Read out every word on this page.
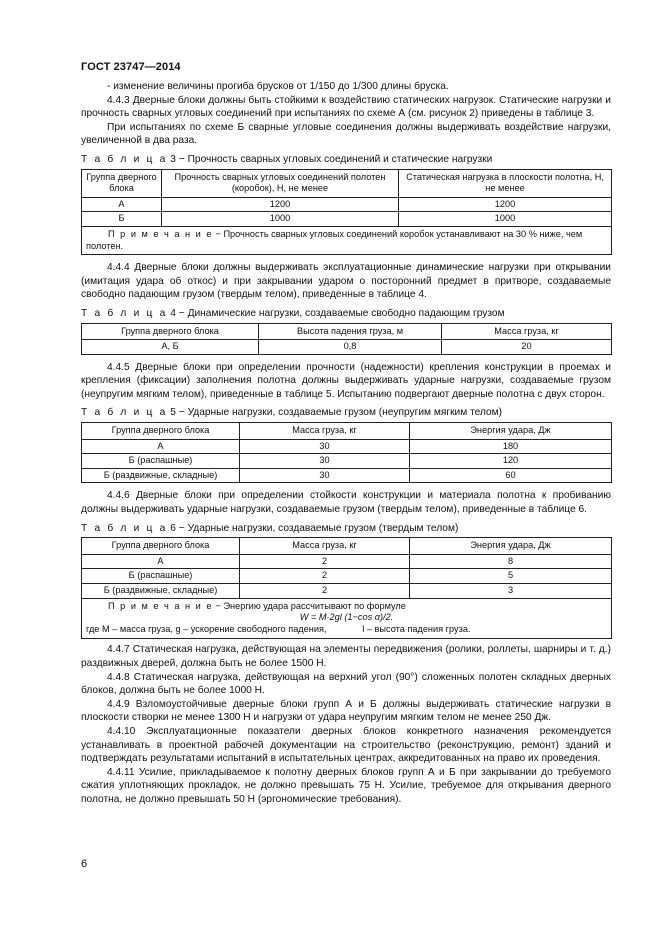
ГОСТ 23747—2014

- изменение величины прогиба брусков от 1/150 до 1/300 длины бруска.

4.4.3 Дверные блоки должны быть стойкими к воздействию статических нагрузок. Статические нагрузки и прочность сварных угловых соединений при испытаниях по схеме А (см. рисунок 2) приведены в таблице 3.

При испытаниях по схеме Б сварные угловые соединения должны выдерживать воздействие нагрузки, увеличенной в два раза.

Т а б л и ц а 3 − Прочность сварных угловых соединений и статические нагрузки
Группа дверного блока	Прочность сварных угловых соединений полотен (коробок), Н, не менее	Статическая нагрузка в плоскости полотна, Н, не менее
А	1200	1200
Б	1000	1000
П р и м е ч а н и е − Прочность сварных угловых соединений коробок устанавливают на 30 % ниже, чем полотен.		

4.4.4 Дверные блоки должны выдерживать эксплуатационные динамические нагрузки при открывании (имитация удара об откос) и при закрывании ударом о посторонний предмет в притворе, создаваемые свободно падающим грузом (твердым телом), приведенные в таблице 4.

Т а б л и ц а 4 − Динамические нагрузки, создаваемые свободно падающим грузом
Группа дверного блока	Высота падения груза, м	Масса груза, кг
А, Б	0,8	20

4.4.5 Дверные блоки при определении прочности (надежности) крепления конструкции в проемах и крепления (фиксации) заполнения полотна должны выдерживать ударные нагрузки, создаваемые грузом (неупругим мягким телом), приведенные в таблице 5. Испытанию подвергают дверные полотна с двух сторон.

Т а б л и ц а 5 − Ударные нагрузки, создаваемые грузом (неупругим мягким телом)
Группа дверного блока	Масса груза, кг	Энергия удара, Дж
А	30	180
Б (распашные)	30	120
Б (раздвижные, складные)	30	60

4.4.6 Дверные блоки при определении стойкости конструкции и материала полотна к пробиванию должны выдерживать ударные нагрузки, создаваемые грузом (твердым телом), приведенные в таблице 6.

Т а б л и ц а 6 − Ударные нагрузки, создаваемые грузом (твердым телом)
Группа дверного блока	Масса груза, кг	Энергия удара, Дж
А	2	8
Б (распашные)	2	5
Б (раздвижные, складные)	2	3
П р и м е ч а н и е − Энергию удара рассчитывают по формуле
W = M·2gl (1−cos α)/2.
где M – масса груза, g – ускорение свободного падения, l – высота падения груза.		

4.4.7 Статическая нагрузка, действующая на элементы передвижения (ролики, роллеты, шарниры и т. д.) раздвижных дверей, должна быть не более 1500 Н.

4.4.8 Статическая нагрузка, действующая на верхний угол (90°) сложенных полотен складных дверных блоков, должна быть не более 1000 Н.

4.4.9 Взломоустойчивые дверные блоки групп А и Б должны выдерживать статические нагрузки в плоскости створки не менее 1300 Н и нагрузки от удара неупругим мягким телом не менее 250 Дж.

4.4.10 Эксплуатационные показатели дверных блоков конкретного назначения рекомендуется устанавливать в проектной рабочей документации на строительство (реконструкцию, ремонт) зданий и подтверждать результатами испытаний в испытательных центрах, аккредитованных на право их проведения.

4.4.11 Усилие, прикладываемое к полотну дверных блоков групп А и Б при закрывании до требуемого сжатия уплотняющих прокладок, не должно превышать 75 Н. Усилие, требуемое для открывания дверного полотна, не должно превышать 50 Н (эргономические требования).

6
